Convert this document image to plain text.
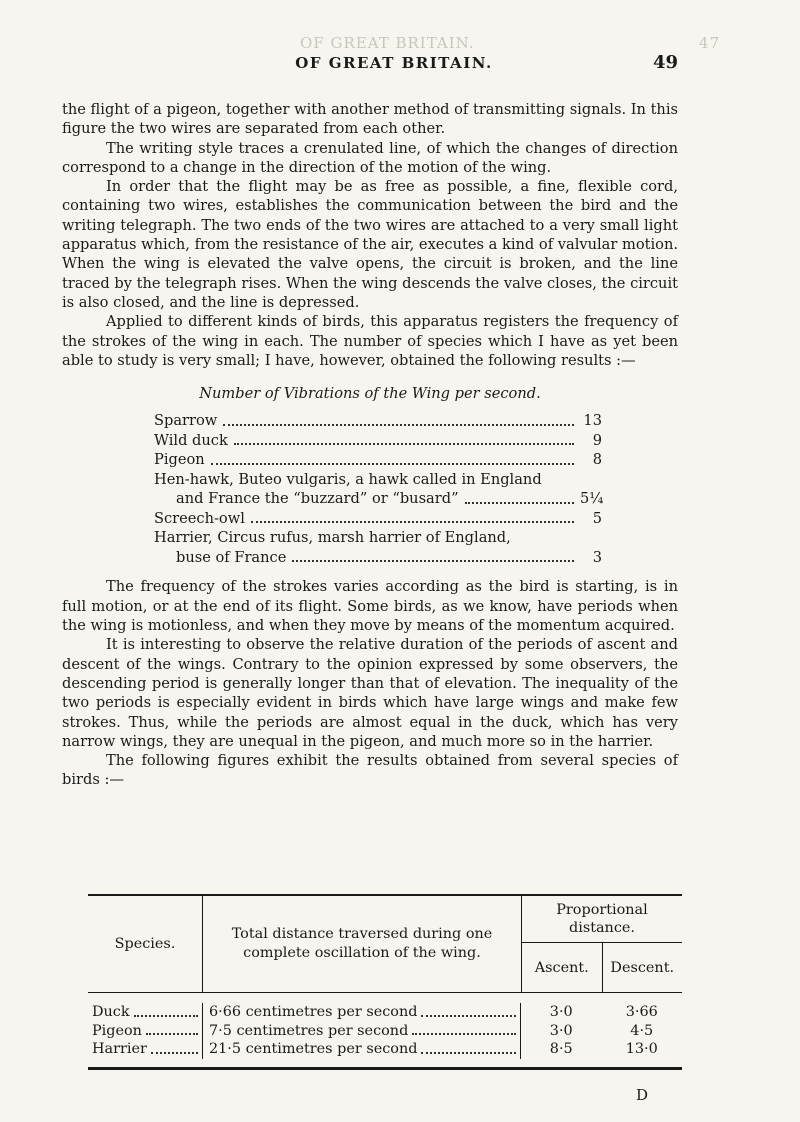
OF GREAT BRITAIN.	47
OF GREAT BRITAIN.	49

the flight of a pigeon, together with another method of transmitting signals. In this figure the two wires are separated from each other.

The writing style traces a crenulated line, of which the changes of direction correspond to a change in the direction of the motion of the wing.

In order that the flight may be as free as possible, a fine, flexible cord, containing two wires, establishes the communication between the bird and the writing telegraph. The two ends of the two wires are attached to a very small light apparatus which, from the resistance of the air, executes a kind of valvular motion. When the wing is elevated the valve opens, the circuit is broken, and the line traced by the telegraph rises. When the wing descends the valve closes, the circuit is also closed, and the line is depressed.

Applied to different kinds of birds, this apparatus registers the frequency of the strokes of the wing in each. The number of species which I have as yet been able to study is very small; I have, however, obtained the following results :—

Number of Vibrations of the Wing per second.
Sparrow	13
Wild duck	9
Pigeon	8
Hen-hawk, Buteo vulgaris, a hawk called in England
and France the “buzzard” or “busard”	5¼
Screech-owl	5
Harrier, Circus rufus, marsh harrier of England,
buse of France	3

The frequency of the strokes varies according as the bird is starting, is in full motion, or at the end of its flight. Some birds, as we know, have periods when the wing is motionless, and when they move by means of the momentum acquired.

It is interesting to observe the relative duration of the periods of ascent and descent of the wings. Contrary to the opinion expressed by some observers, the descending period is generally longer than that of elevation. The inequality of the two periods is especially evident in birds which have large wings and make few strokes. Thus, while the periods are almost equal in the duck, which has very narrow wings, they are unequal in the pigeon, and much more so in the harrier.

The following figures exhibit the results obtained from several species of birds :—

Species.
Total distance traversed during one complete oscillation of the wing.
Proportional distance.
Ascent.	Descent.
Duck	6·66 centimetres per second	3·0	3·66
Pigeon	7·5 centimetres per second	3·0	4·5
Harrier	21·5 centimetres per second	8·5	13·0
D
